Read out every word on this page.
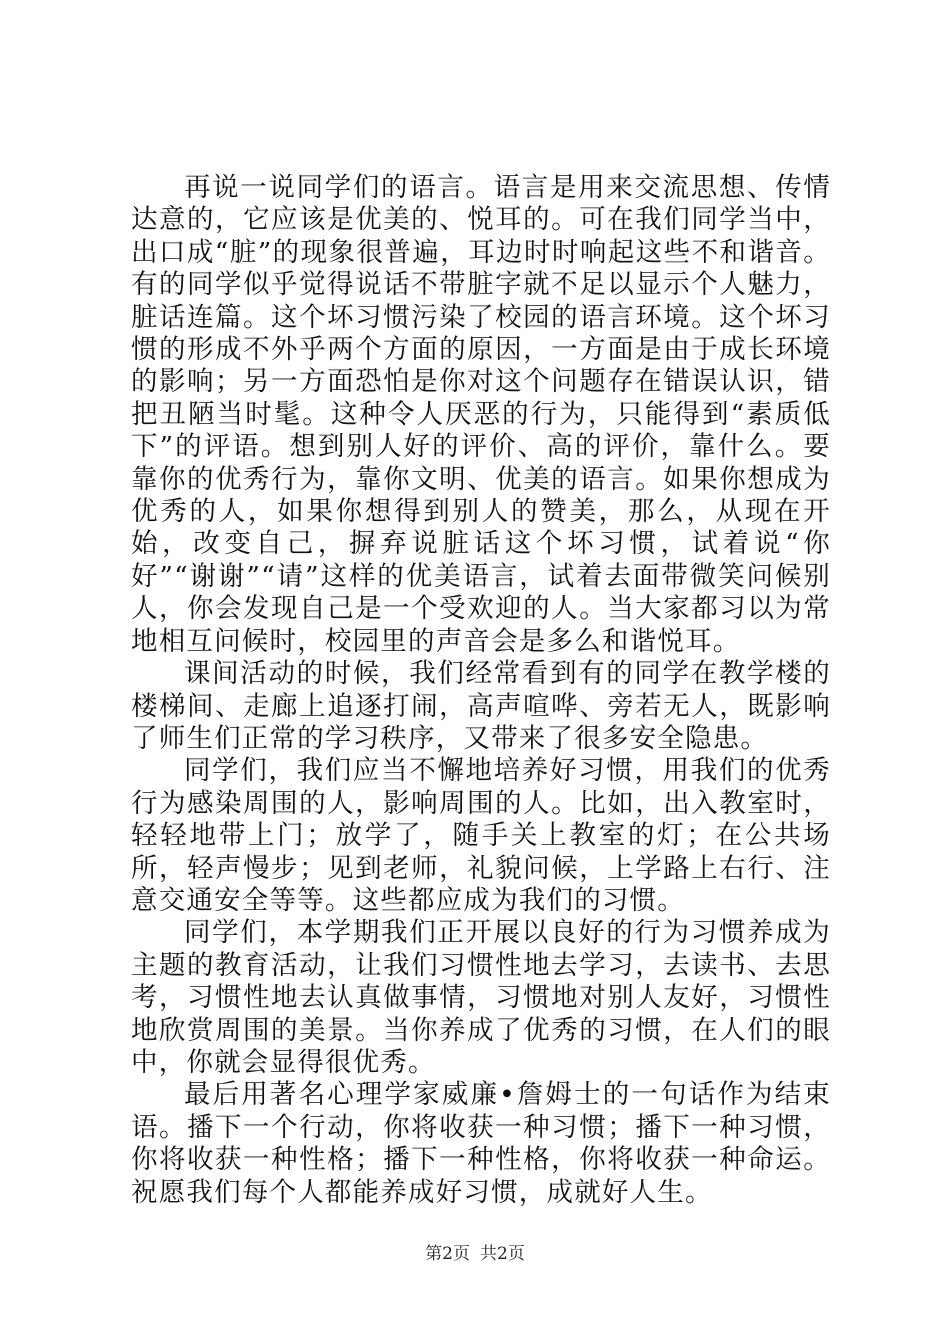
再说一说同学们的语言。语言是用来交流思想、传情达意的，它应该是优美的、悦耳的。可在我们同学当中，出口成“脏”的现象很普遍，耳边时时响起这些不和谐音。有的同学似乎觉得说话不带脏字就不足以显示个人魅力，脏话连篇。这个坏习惯污染了校园的语言环境。这个坏习惯的形成不外乎两个方面的原因，一方面是由于成长环境的影响；另一方面恐怕是你对这个问题存在错误认识，错把丑陋当时髦。这种令人厌恶的行为，只能得到“素质低下”的评语。想到别人好的评价、高的评价，靠什么。要靠你的优秀行为，靠你文明、优美的语言。如果你想成为优秀的人，如果你想得到别人的赞美，那么，从现在开始，改变自己，摒弃说脏话这个坏习惯，试着说“你好”“谢谢”“请”这样的优美语言，试着去面带微笑问候别人，你会发现自己是一个受欢迎的人。当大家都习以为常地相互问候时，校园里的声音会是多么和谐悦耳。

课间活动的时候，我们经常看到有的同学在教学楼的楼梯间、走廊上追逐打闹，高声喧哗、旁若无人，既影响了师生们正常的学习秩序，又带来了很多安全隐患。

同学们，我们应当不懈地培养好习惯，用我们的优秀行为感染周围的人，影响周围的人。比如，出入教室时，轻轻地带上门；放学了，随手关上教室的灯；在公共场所，轻声慢步；见到老师，礼貌问候，上学路上右行、注意交通安全等等。这些都应成为我们的习惯。

同学们，本学期我们正开展以良好的行为习惯养成为主题的教育活动，让我们习惯性地去学习，去读书、去思考，习惯性地去认真做事情，习惯地对别人友好，习惯性地欣赏周围的美景。当你养成了优秀的习惯，在人们的眼中，你就会显得很优秀。

最后用著名心理学家威廉•詹姆士的一句话作为结束语。播下一个行动，你将收获一种习惯；播下一种习惯，你将收获一种性格；播下一种性格，你将收获一种命运。祝愿我们每个人都能养成好习惯，成就好人生。

第2页 共2页
